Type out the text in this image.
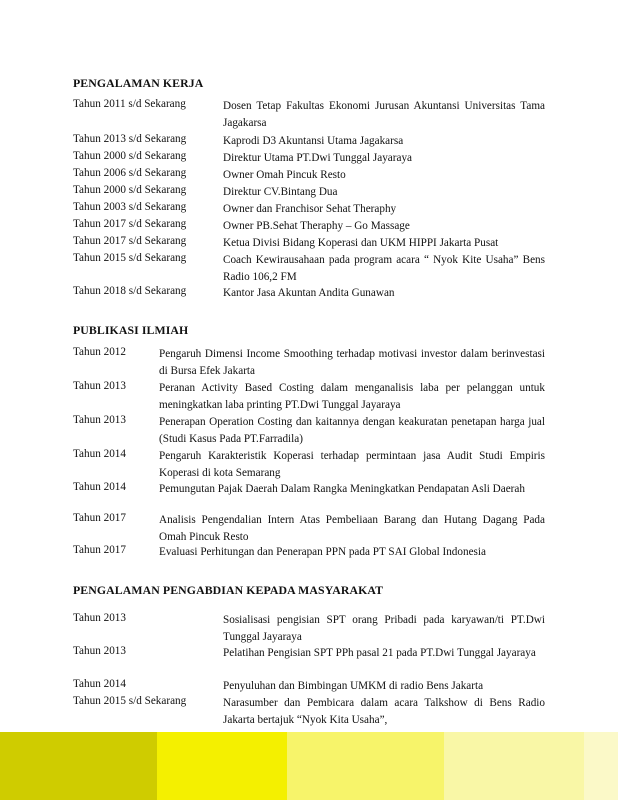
PENGALAMAN KERJA
Tahun 2011 s/d Sekarang	Dosen Tetap Fakultas Ekonomi Jurusan Akuntansi Universitas Tama Jagakarsa
Tahun 2013 s/d Sekarang	Kaprodi D3 Akuntansi Utama Jagakarsa
Tahun 2000 s/d Sekarang	Direktur Utama PT.Dwi Tunggal Jayaraya
Tahun 2006 s/d Sekarang	Owner Omah Pincuk Resto
Tahun 2000 s/d Sekarang	Direktur CV.Bintang Dua
Tahun 2003 s/d Sekarang	Owner dan Franchisor Sehat Theraphy
Tahun 2017 s/d Sekarang	Owner PB.Sehat Theraphy – Go Massage
Tahun 2017 s/d Sekarang	Ketua Divisi Bidang Koperasi dan UKM HIPPI Jakarta Pusat
Tahun 2015 s/d Sekarang	Coach Kewirausahaan pada program acara “ Nyok Kite Usaha” Bens Radio 106,2 FM
Tahun 2018 s/d Sekarang	Kantor Jasa Akuntan Andita Gunawan
PUBLIKASI ILMIAH
Tahun 2012	Pengaruh Dimensi Income Smoothing terhadap motivasi investor dalam berinvestasi di Bursa Efek Jakarta
Tahun 2013	Peranan Activity Based Costing dalam menganalisis laba per pelanggan untuk meningkatkan laba printing PT.Dwi Tunggal Jayaraya
Tahun 2013	Penerapan Operation Costing dan kaitannya dengan keakuratan penetapan harga jual (Studi Kasus Pada PT.Farradila)
Tahun 2014	Pengaruh Karakteristik Koperasi terhadap permintaan jasa Audit Studi Empiris Koperasi di kota Semarang
Tahun 2014	Pemungutan Pajak Daerah Dalam Rangka Meningkatkan Pendapatan Asli Daerah
Tahun 2017	Analisis Pengendalian Intern Atas Pembeliaan Barang dan Hutang Dagang Pada Omah Pincuk Resto
Tahun 2017	Evaluasi Perhitungan dan Penerapan PPN pada PT SAI Global Indonesia
PENGALAMAN PENGABDIAN KEPADA MASYARAKAT
Tahun 2013	Sosialisasi pengisian SPT orang Pribadi pada karyawan/ti PT.Dwi Tunggal Jayaraya
Tahun 2013	Pelatihan Pengisian SPT PPh pasal 21 pada PT.Dwi Tunggal Jayaraya
Tahun 2014	Penyuluhan dan Bimbingan UMKM di radio Bens Jakarta
Tahun 2015 s/d Sekarang	Narasumber dan Pembicara dalam acara Talkshow di Bens Radio Jakarta bertajuk “Nyok Kita Usaha”,
